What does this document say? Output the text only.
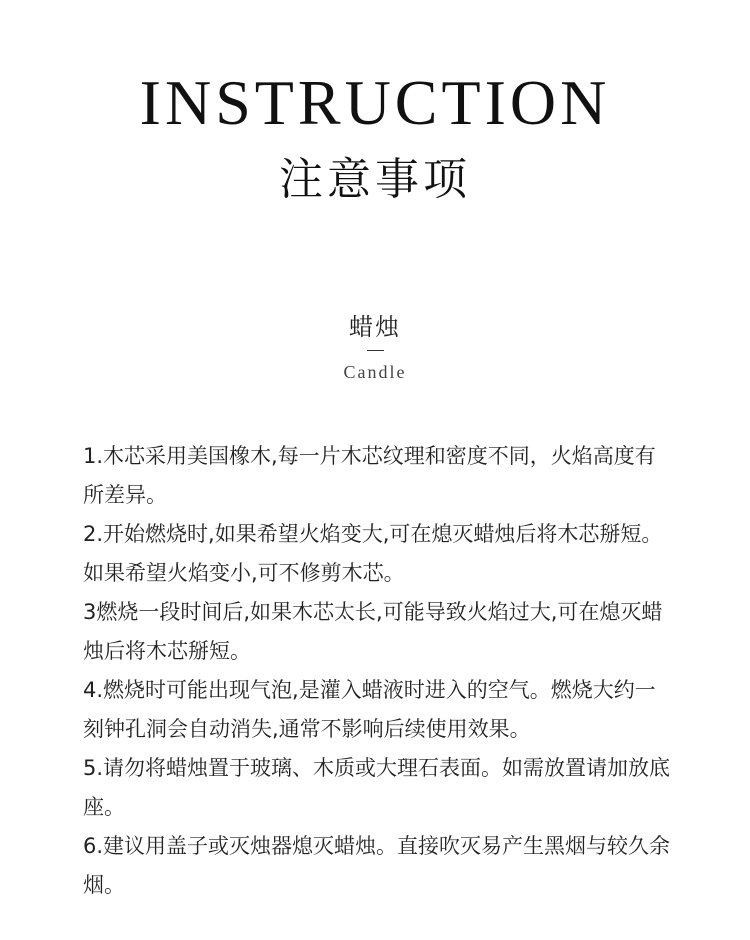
INSTRUCTION
注意事项
蜡烛
Candle

1.木芯采用美国橡木,每一片木芯纹理和密度不同，火焰高度有所差异。

2.开始燃烧时,如果希望火焰变大,可在熄灭蜡烛后将木芯掰短。如果希望火焰变小,可不修剪木芯。

3燃烧一段时间后,如果木芯太长,可能导致火焰过大,可在熄灭蜡烛后将木芯掰短。

4.燃烧时可能出现气泡,是灌入蜡液时进入的空气。燃烧大约一刻钟孔洞会自动消失,通常不影响后续使用效果。

5.请勿将蜡烛置于玻璃、木质或大理石表面。如需放置请加放底座。

6.建议用盖子或灭烛器熄灭蜡烛。直接吹灭易产生黑烟与较久余烟。
